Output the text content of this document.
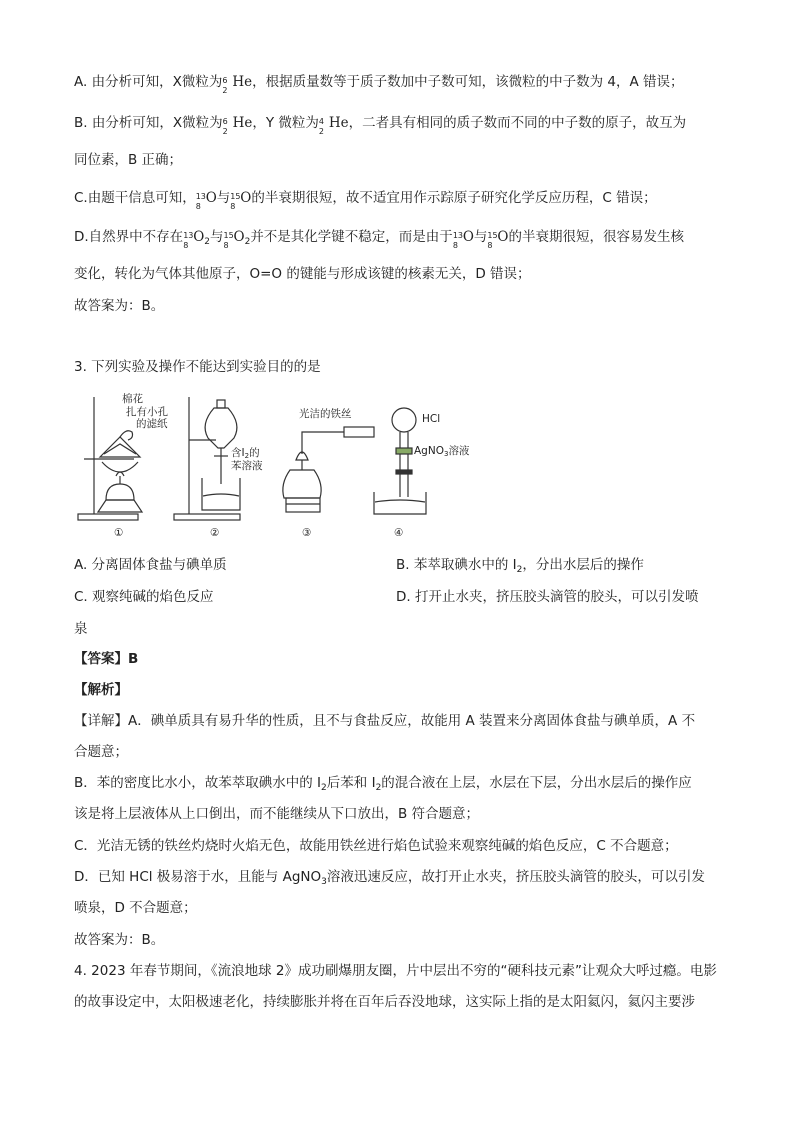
A. 由分析可知，X微粒为 6
2
He，根据质量数等于质子数加中子数可知，该微粒的中子数为 4，A 错误；
B. 由分析可知，X微粒为 6
2
He，Y 微粒为 4
2
He，二者具有相同的质子数而不同的中子数的原子，故互为
同位素，B 正确；
C.由题干信息可知， 13
8
O与 15
8
O的半衰期很短，故不适宜用作示踪原子研究化学反应历程，C 错误；
D.自然界中不存在 13
8
$O_2$与 15
8
$O_2$并不是其化学键不稳定，而是由于 13
8
O与 15
8
O的半衰期很短，很容易发生核
变化，转化为气体其他原子，O=O 的键能与形成该键的核素无关，D 错误；
故答案为：B。
3. 下列实验及操作不能达到实验目的的是
棉花
扎有小孔
的滤纸
含I2的
苯溶液
光洁的铁丝	HCl
AgNO3溶液
①	②	③	④
A. 分离固体食盐与碘单质	B. 苯萃取碘水中的 $I_2$，分出水层后的操作
C. 观察纯碱的焰色反应	D. 打开止水夹，挤压胶头滴管的胶头，可以引发喷
泉
【答案】B
【解析】
【详解】A．碘单质具有易升华的性质，且不与食盐反应，故能用 A 装置来分离固体食盐与碘单质，A 不
合题意；
B．苯的密度比水小，故苯萃取碘水中的 $I_2$后苯和 $I_2$的混合液在上层，水层在下层，分出水层后的操作应
该是将上层液体从上口倒出，而不能继续从下口放出，B 符合题意；
C．光洁无锈的铁丝灼烧时火焰无色，故能用铁丝进行焰色试验来观察纯碱的焰色反应，C 不合题意；
D．已知 HCl 极易溶于水，且能与 AgNO$_3$溶液迅速反应，故打开止水夹，挤压胶头滴管的胶头，可以引发
喷泉，D 不合题意；
故答案为：B。
4. 2023 年春节期间，《流浪地球 2》成功刷爆朋友圈，片中层出不穷的“硬科技元素”让观众大呼过瘾。电影
的故事设定中，太阳极速老化，持续膨胀并将在百年后吞没地球，这实际上指的是太阳氦闪，氦闪主要涉
